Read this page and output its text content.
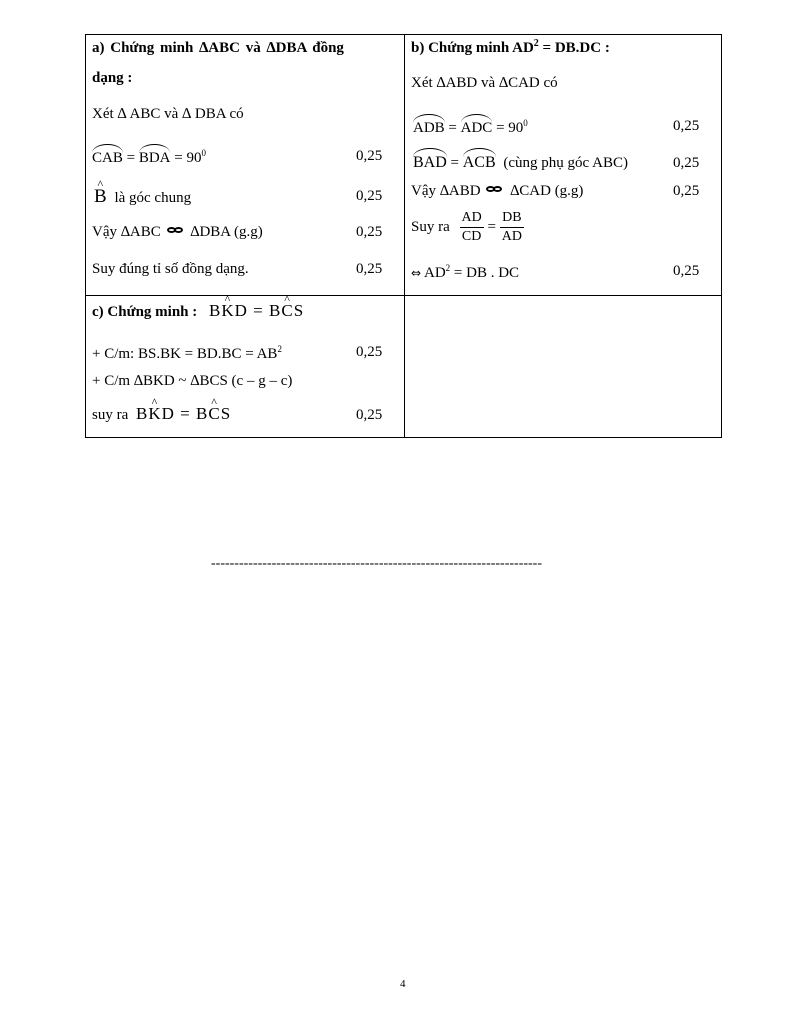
a) Chứng minh ∆ABC và ∆DBA đồng
dạng :
Xét ∆ ABC và ∆ DBA có
CAB = BDA = $90^0$	0,25
^ B là góc chung	0,25
Vậy ∆ABC ∆DBA (g.g)	0,25
Suy đúng tỉ số đồng dạng.	0,25
b) Chứng minh $AD^2 = DB.DC$ :
Xét ∆ABD và ∆CAD có
ADB = ADC = $90^0$	0,25
BAD = ACB (cùng phụ góc ABC)	0,25
Vậy ∆ABD ∆CAD (g.g)	0,25
Suy ra $\frac{AD}{CD} = \frac{DB}{AD}$
⇔ $AD^2$ = DB . DC	0,25
c) Chứng minh : B^ KD = B^ CS
+ C/m: $BS.BK = BD.BC = AB^2$	0,25
+ C/m ∆BKD ~ ∆BCS (c – g – c)
suy ra B^ KD = B^ CS	0,25
-----------------------------------------------------------------------
4
